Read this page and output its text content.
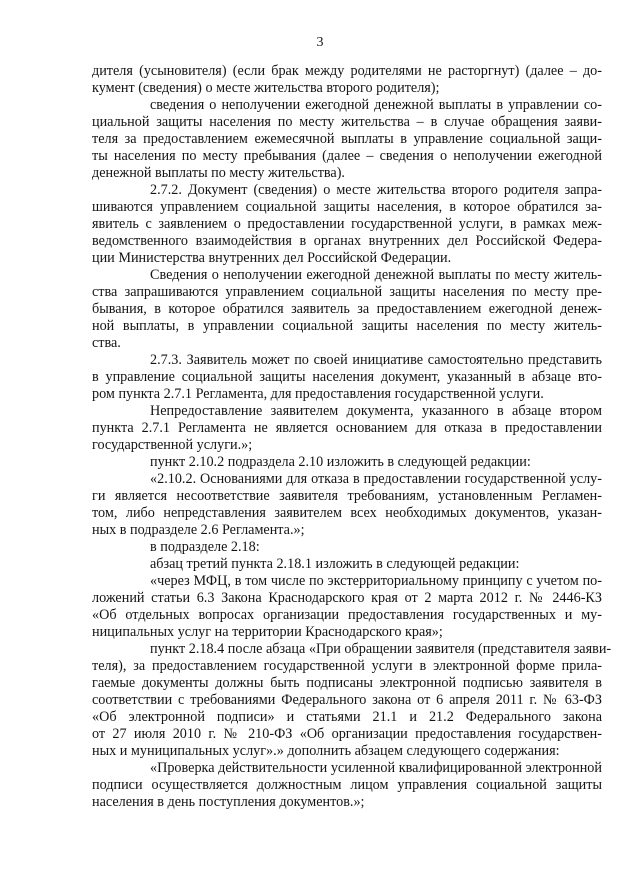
3
дителя (усыновителя) (если брак между родителями не расторгнут) (далее – до-
кумент (сведения) о месте жительства второго родителя);
сведения о неполучении ежегодной денежной выплаты в управлении со-
циальной защиты населения по месту жительства – в случае обращения заяви-
теля за предоставлением ежемесячной выплаты в управление социальной защи-
ты населения по месту пребывания (далее – сведения о неполучении ежегодной
денежной выплаты по месту жительства).
2.7.2. Документ (сведения) о месте жительства второго родителя запра-
шиваются управлением социальной защиты населения, в которое обратился за-
явитель с заявлением о предоставлении государственной услуги, в рамках меж-
ведомственного взаимодействия в органах внутренних дел Российской Федера-
ции Министерства внутренних дел Российской Федерации.
Сведения о неполучении ежегодной денежной выплаты по месту житель-
ства запрашиваются управлением социальной защиты населения по месту пре-
бывания, в которое обратился заявитель за предоставлением ежегодной денеж-
ной выплаты, в управлении социальной защиты населения по месту житель-
ства.
2.7.3. Заявитель может по своей инициативе самостоятельно представить
в управление социальной защиты населения документ, указанный в абзаце вто-
ром пункта 2.7.1 Регламента, для предоставления государственной услуги.
Непредоставление заявителем документа, указанного в абзаце втором
пункта 2.7.1 Регламента не является основанием для отказа в предоставлении
государственной услуги.»;
пункт 2.10.2 подраздела 2.10 изложить в следующей редакции:
«2.10.2. Основаниями для отказа в предоставлении государственной услу-
ги является несоответствие заявителя требованиям, установленным Регламен-
том, либо непредставления заявителем всех необходимых документов, указан-
ных в подразделе 2.6 Регламента.»;
в подразделе 2.18:
абзац третий пункта 2.18.1 изложить в следующей редакции:
«через МФЦ, в том числе по экстерриториальному принципу с учетом по-
ложений статьи 6.3 Закона Краснодарского края от 2 марта 2012 г. № 2446-КЗ
«Об отдельных вопросах организации предоставления государственных и му-
ниципальных услуг на территории Краснодарского края»;
пункт 2.18.4 после абзаца «При обращении заявителя (представителя заяви-
теля), за предоставлением государственной услуги в электронной форме прила-
гаемые документы должны быть подписаны электронной подписью заявителя в
соответствии с требованиями Федерального закона от 6 апреля 2011 г. № 63-ФЗ
«Об электронной подписи» и статьями 21.1 и 21.2 Федерального закона
от 27 июля 2010 г. № 210-ФЗ «Об организации предоставления государствен-
ных и муниципальных услуг».» дополнить абзацем следующего содержания:
«Проверка действительности усиленной квалифицированной электронной
подписи осуществляется должностным лицом управления социальной защиты
населения в день поступления документов.»;
